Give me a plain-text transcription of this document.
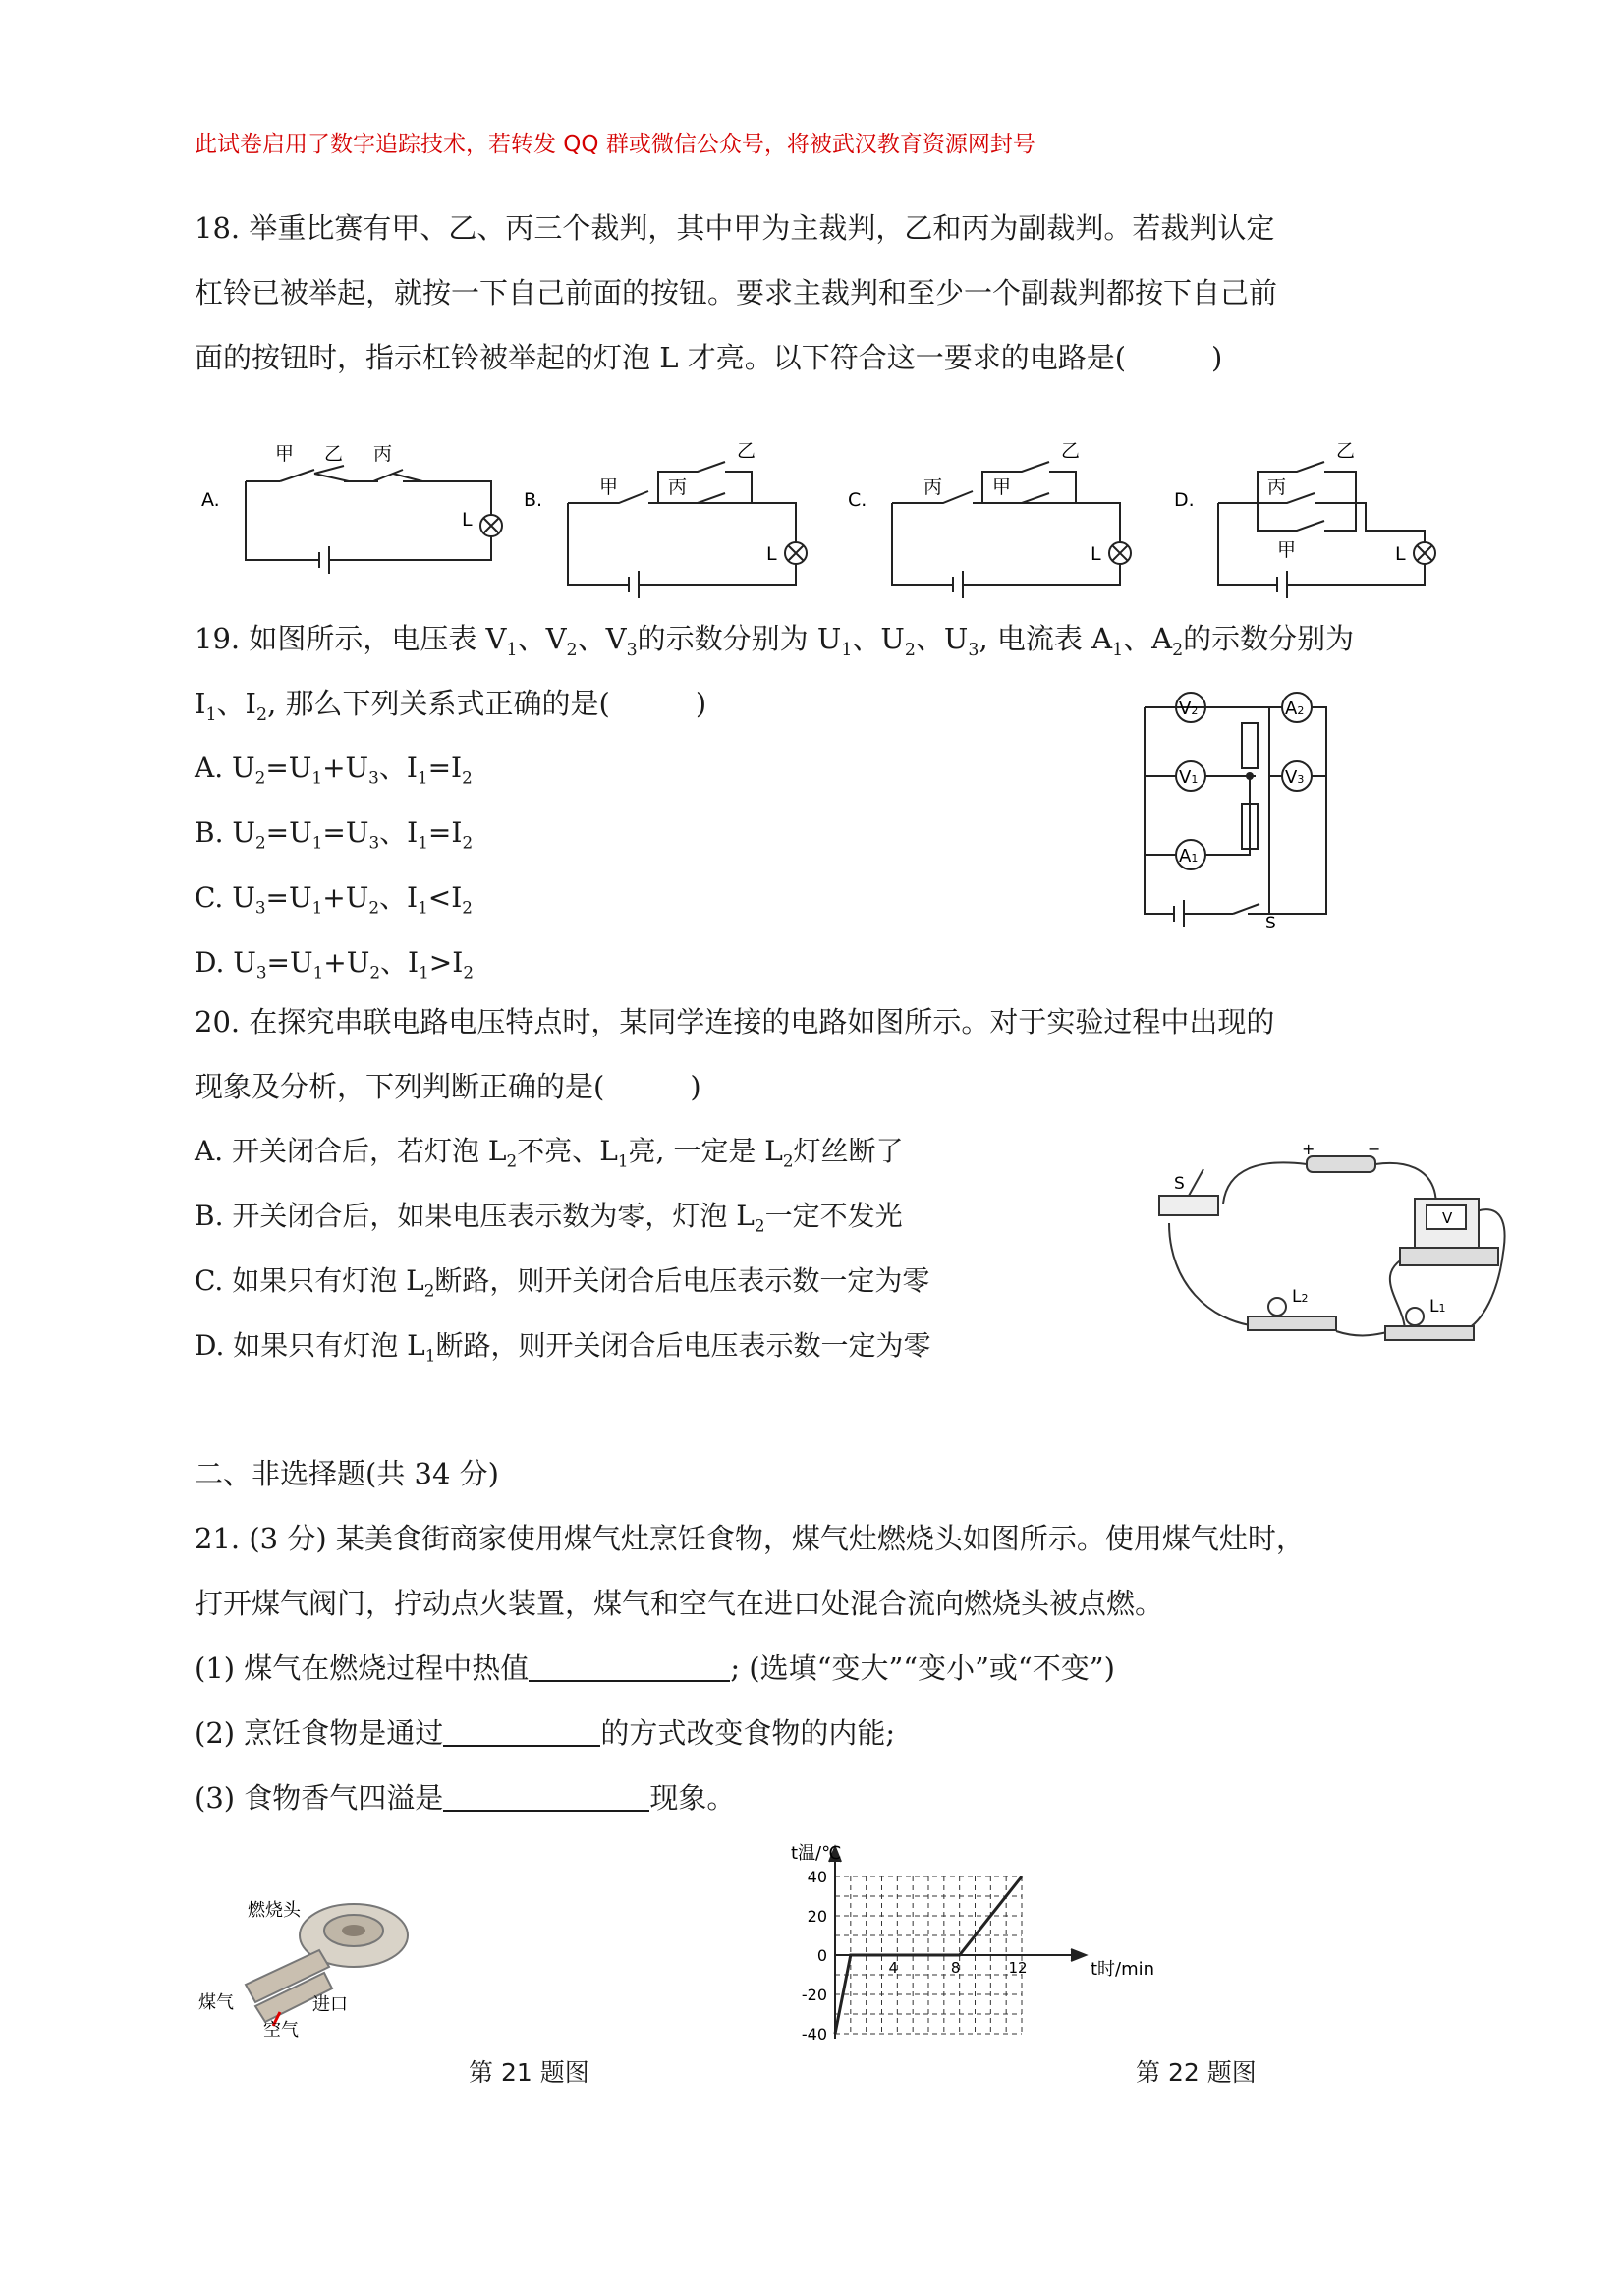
此试卷启用了数字追踪技术，若转发 QQ 群或微信公众号，将被武汉教育资源网封号
18. 举重比赛有甲、乙、丙三个裁判，其中甲为主裁判，乙和丙为副裁判。若裁判认定
杠铃已被举起，就按一下自己前面的按钮。要求主裁判和至少一个副裁判都按下自己前
面的按钮时，指示杠铃被举起的灯泡 L 才亮。以下符合这一要求的电路是(　　　)
A.
甲 乙 丙
L
B.
甲	丙
乙
L
C.
丙	甲
乙
L
D.
丙
甲
乙
L
19. 如图所示，电压表 $V_1$、$V_2$、$V_3$的示数分别为 $U_1$、$U_2$、$U_3$, 电流表 $A_1$、$A_2$的示数分别为
$I_1$、$I_2$, 那么下列关系式正确的是(　　　)
A. $U_2=U_1+U_3$、$I_1=I_2$
B. $U_2=U_1=U_3$、$I_1=I_2$
C. $U_3=U_1+U_2$、$I_1<I_2$
D. $U_3=U_1+U_2$、$I_1>I_2$
V2	A2
V1	V3
A1
S
20. 在探究串联电路电压特点时，某同学连接的电路如图所示。对于实验过程中出现的
现象及分析，下列判断正确的是(　　　)
A. 开关闭合后，若灯泡 $L_2$不亮、$L_1$亮, 一定是 $L_2$灯丝断了
B. 开关闭合后，如果电压表示数为零，灯泡 $L_2$一定不发光
C. 如果只有灯泡 $L_2$断路，则开关闭合后电压表示数一定为零
D. 如果只有灯泡 $L_1$断路，则开关闭合后电压表示数一定为零
S
+	−
V
L2	L1
二、非选择题(共 34 分)
21. (3 分) 某美食街商家使用煤气灶烹饪食物，煤气灶燃烧头如图所示。使用煤气灶时，
打开煤气阀门，拧动点火装置，煤气和空气在进口处混合流向燃烧头被点燃。
(1) 煤气在燃烧过程中热值	; (选填“变大”“变小”或“不变”)
(2) 烹饪食物是通过	的方式改变食物的内能;
(3) 食物香气四溢是	现象。
燃烧头
煤气	进口
空气
第 21 题图
40
20
0
-20
-40
4	8	12
t温/℃
t时/min
第 22 题图
